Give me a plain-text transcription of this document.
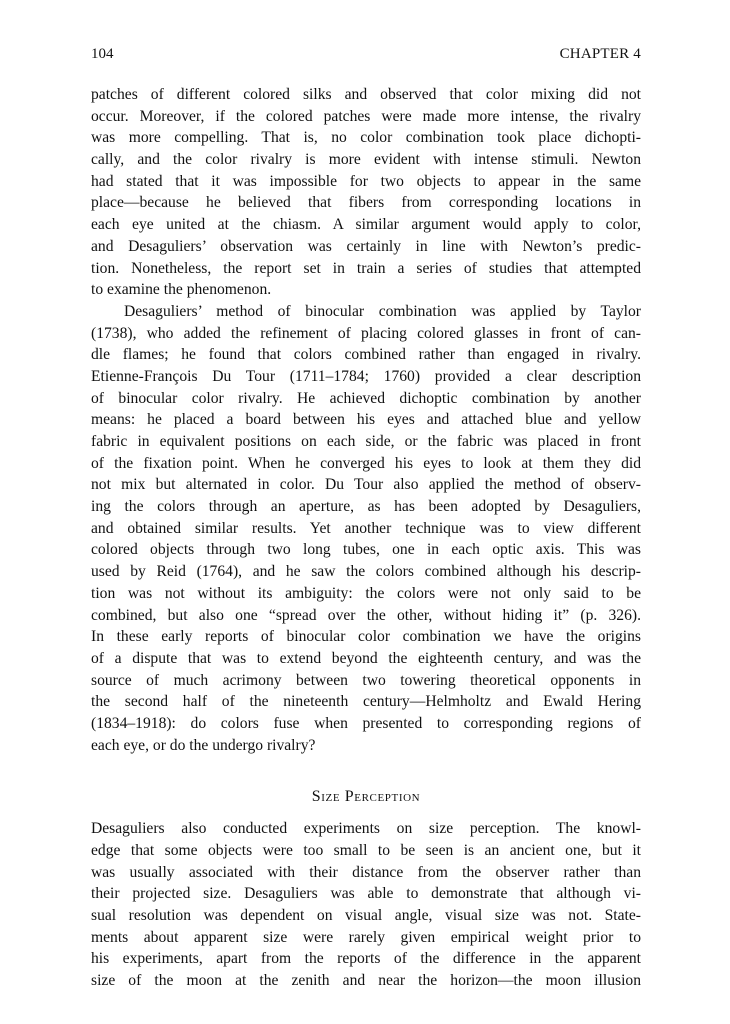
104	CHAPTER 4
patches of different colored silks and observed that color mixing did not
occur. Moreover, if the colored patches were made more intense, the rivalry
was more compelling. That is, no color combination took place dichopti-
cally, and the color rivalry is more evident with intense stimuli. Newton
had stated that it was impossible for two objects to appear in the same
place—because he believed that fibers from corresponding locations in
each eye united at the chiasm. A similar argument would apply to color,
and Desaguliers’ observation was certainly in line with Newton’s predic-
tion. Nonetheless, the report set in train a series of studies that attempted
to examine the phenomenon.
Desaguliers’ method of binocular combination was applied by Taylor
(1738), who added the refinement of placing colored glasses in front of can-
dle flames; he found that colors combined rather than engaged in rivalry.
Etienne-François Du Tour (1711–1784; 1760) provided a clear description
of binocular color rivalry. He achieved dichoptic combination by another
means: he placed a board between his eyes and attached blue and yellow
fabric in equivalent positions on each side, or the fabric was placed in front
of the fixation point. When he converged his eyes to look at them they did
not mix but alternated in color. Du Tour also applied the method of observ-
ing the colors through an aperture, as has been adopted by Desaguliers,
and obtained similar results. Yet another technique was to view different
colored objects through two long tubes, one in each optic axis. This was
used by Reid (1764), and he saw the colors combined although his descrip-
tion was not without its ambiguity: the colors were not only said to be
combined, but also one “spread over the other, without hiding it” (p. 326).
In these early reports of binocular color combination we have the origins
of a dispute that was to extend beyond the eighteenth century, and was the
source of much acrimony between two towering theoretical opponents in
the second half of the nineteenth century—Helmholtz and Ewald Hering
(1834–1918): do colors fuse when presented to corresponding regions of
each eye, or do the undergo rivalry?
Size Perception
Desaguliers also conducted experiments on size perception. The knowl-
edge that some objects were too small to be seen is an ancient one, but it
was usually associated with their distance from the observer rather than
their projected size. Desaguliers was able to demonstrate that although vi-
sual resolution was dependent on visual angle, visual size was not. State-
ments about apparent size were rarely given empirical weight prior to
his experiments, apart from the reports of the difference in the apparent
size of the moon at the zenith and near the horizon—the moon illusion
